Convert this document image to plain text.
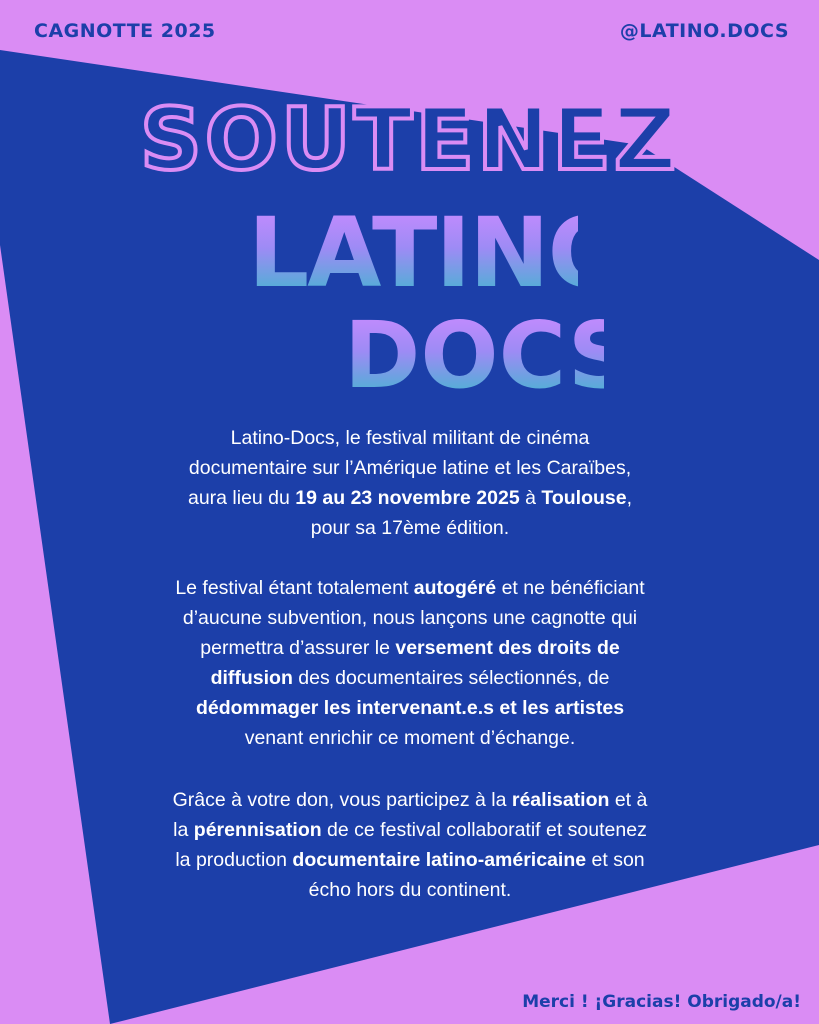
CAGNOTTE 2025	@LATINO.DOCS
SOUTENEZ
LATINO
DOCS
Latino-Docs, le festival militant de cinéma
documentaire sur l’Amérique latine et les Caraïbes,
aura lieu du 19 au 23 novembre 2025 à Toulouse,
pour sa 17ème édition.
Le festival étant totalement autogéré et ne bénéficiant
d’aucune subvention, nous lançons une cagnotte qui
permettra d’assurer le versement des droits de
diffusion des documentaires sélectionnés, de
dédommager les intervenant.e.s et les artistes
venant enrichir ce moment d’échange.
Grâce à votre don, vous participez à la réalisation et à
la pérennisation de ce festival collaboratif et soutenez
la production documentaire latino-américaine et son
écho hors du continent.
Merci ! ¡Gracias! Obrigado/a!
